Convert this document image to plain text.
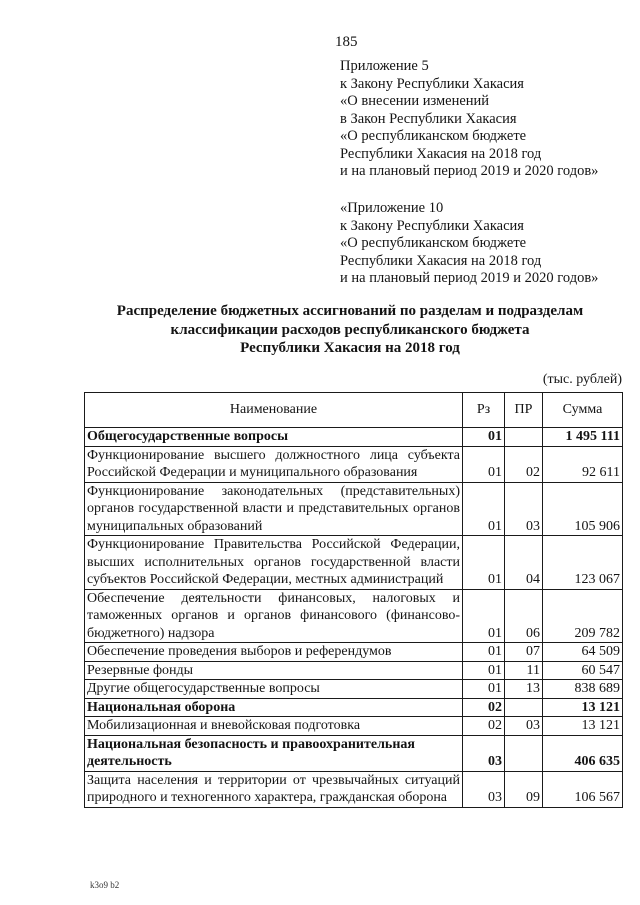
185
Приложение 5
к Закону Республики Хакасия
«О внесении изменений
в Закон Республики Хакасия
«О республиканском бюджете
Республики Хакасия на 2018 год
и на плановый период 2019 и 2020 годов»
«Приложение 10
к Закону Республики Хакасия
«О республиканском бюджете
Республики Хакасия на 2018 год
и на плановый период 2019 и 2020 годов»
Распределение бюджетных ассигнований по разделам и подразделам
классификации расходов республиканского бюджета
Республики Хакасия на 2018 год
(тыс. рублей)
Наименование	Рз	ПР	Сумма
Общегосударственные вопросы	01		1 495 111
Функционирование высшего должностного лица субъекта Российской Федерации и муниципального образования	01	02	92 611
Функционирование законодательных (представительных) органов государственной власти и представительных органов муниципальных образований	01	03	105 906
Функционирование Правительства Российской Федерации, высших исполнительных органов государственной власти субъектов Российской Федерации, местных администраций	01	04	123 067
Обеспечение деятельности финансовых, налоговых и таможенных органов и органов финансового (финансово-бюджетного) надзора	01	06	209 782
Обеспечение проведения выборов и референдумов	01	07	64 509
Резервные фонды	01	11	60 547
Другие общегосударственные вопросы	01	13	838 689
Национальная оборона	02		13 121
Мобилизационная и вневойсковая подготовка	02	03	13 121
Национальная безопасность и правоохранительная деятельность	03		406 635
Защита населения и территории от чрезвычайных ситуаций природного и техногенного характера, гражданская оборона	03	09	106 567
k3o9 b2
